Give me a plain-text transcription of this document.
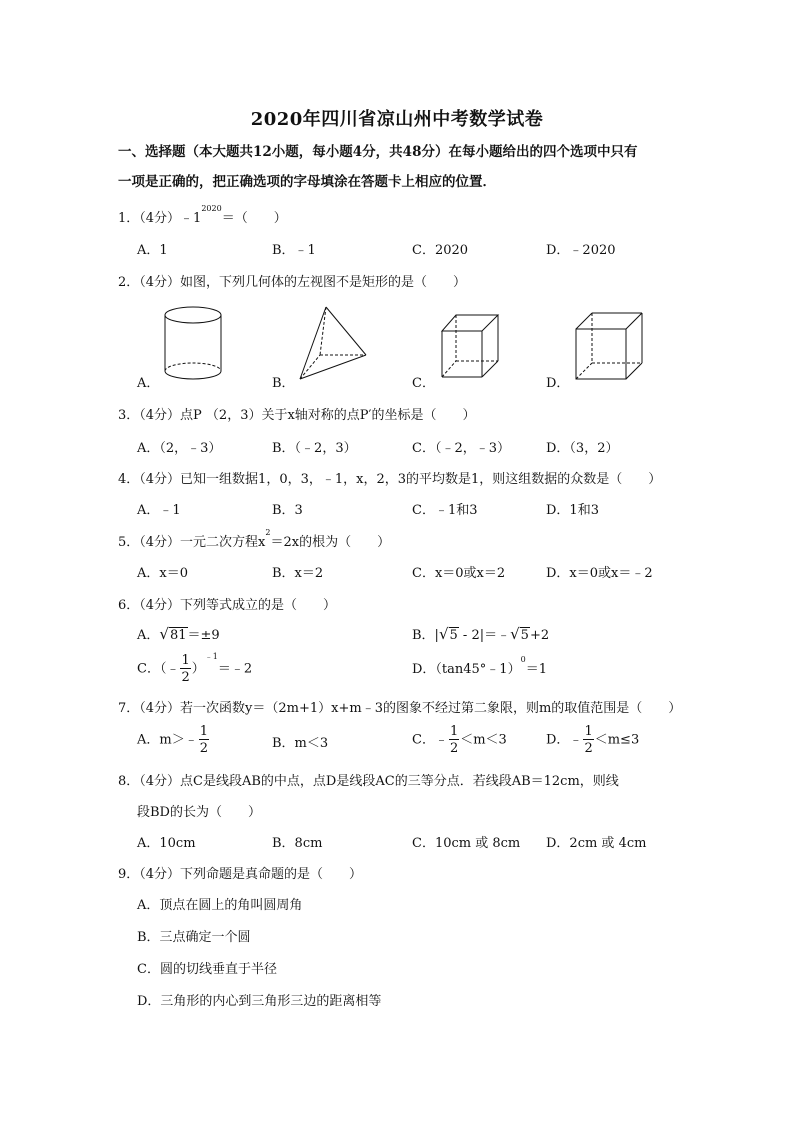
2020年四川省凉山州中考数学试卷
一、选择题（本大题共12小题，每小题4分，共48分）在每小题给出的四个选项中只有
一项是正确的，把正确选项的字母填涂在答题卡上相应的位置．
1．（4分）$﹣1^{2020}=$（　　）
A．1	B．﹣1	C．2020	D．﹣2020
2．（4分）如图，下列几何体的左视图不是矩形的是（　　）
A．	B．	C．	D．
3．（4分）点P （2，3）关于x轴对称的点P′的坐标是（　　）
A．（2，﹣3）	B．（﹣2，3）	C．（﹣2，﹣3）	D．（3，2）
4．（4分）已知一组数据1，0，3，﹣1，x，2，3的平均数是1，则这组数据的众数是（　　）
A．﹣1	B．3	C．﹣1和3	D．1和3
5．（4分）一元二次方程$x^2=2x$的根为（　　）
A．x＝0	B．x＝2	C．x＝0或x＝2	D．x＝0或x＝﹣2
6．（4分）下列等式成立的是（　　）
A．√81＝±9	B．|√5 - 2|＝﹣√5+2
C．（﹣ $\frac{1}{2}$ ）$^{﹣1}$＝﹣2	D．（tan45°﹣1）$^0$＝1
7．（4分）若一次函数y＝（2m+1）x+m﹣3的图象不经过第二象限，则m的取值范围是（　　）
A．m＞﹣ $\frac{1}{2}$	B．m＜3	C．﹣ $\frac{1}{2} <m<3$	D．﹣ $\frac{1}{2} <m\le 3$
8．（4分）点C是线段AB的中点，点D是线段AC的三等分点．若线段AB＝12cm，则线
段BD的长为（　　）
A．10cm	B．8cm	C．10cm 或 8cm D．2cm 或 4cm
9．（4分）下列命题是真命题的是（　　）
A．顶点在圆上的角叫圆周角
B．三点确定一个圆
C．圆的切线垂直于半径
D．三角形的内心到三角形三边的距离相等
